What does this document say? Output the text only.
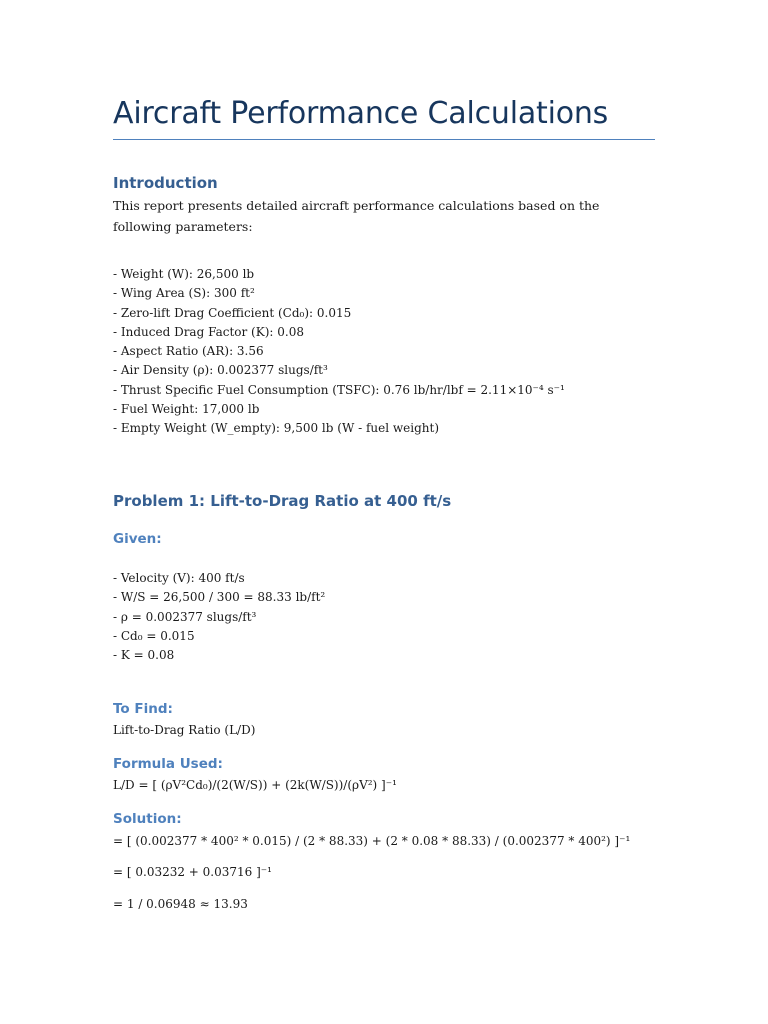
Aircraft Performance Calculations
Introduction

This report presents detailed aircraft performance calculations based on the following parameters:

- Weight (W): 26,500 lb
- Wing Area (S): 300 ft²
- Zero-lift Drag Coefficient (Cd₀): 0.015
- Induced Drag Factor (K): 0.08
- Aspect Ratio (AR): 3.56
- Air Density (ρ): 0.002377 slugs/ft³
- Thrust Specific Fuel Consumption (TSFC): 0.76 lb/hr/lbf = 2.11×10⁻⁴ s⁻¹
- Fuel Weight: 17,000 lb
- Empty Weight (W_empty): 9,500 lb (W - fuel weight)
Problem 1: Lift-to-Drag Ratio at 400 ft/s
Given:
- Velocity (V): 400 ft/s
- W/S = 26,500 / 300 = 88.33 lb/ft²
- ρ = 0.002377 slugs/ft³
- Cd₀ = 0.015
- K = 0.08
To Find:

Lift-to-Drag Ratio (L/D)

Formula Used:

L/D = [ (ρV²Cd₀)/(2(W/S)) + (2k(W/S))/(ρV²) ]⁻¹

Solution:

= [ (0.002377 * 400² * 0.015) / (2 * 88.33) + (2 * 0.08 * 88.33) / (0.002377 * 400²) ]⁻¹

= [ 0.03232 + 0.03716 ]⁻¹

= 1 / 0.06948 ≈ 13.93
